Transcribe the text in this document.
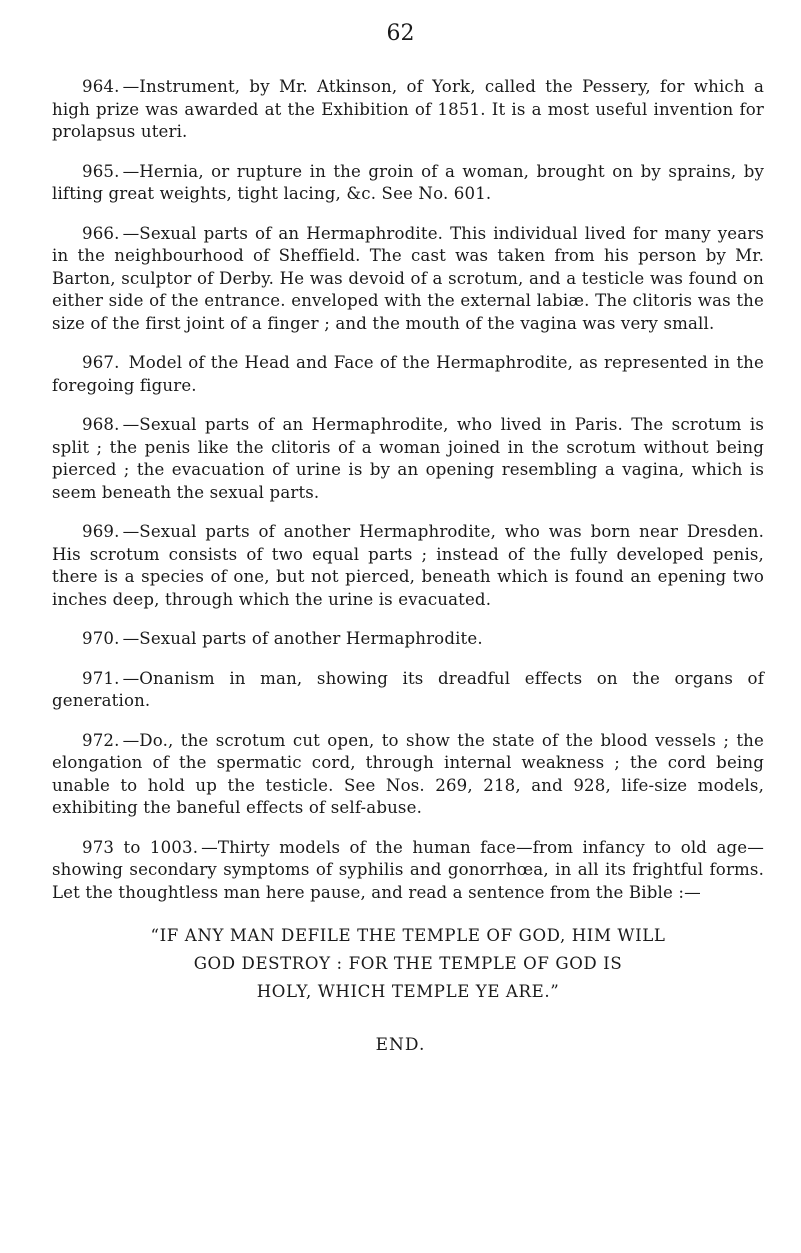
62

964. —Instrument, by Mr. Atkinson, of York, called the Pessery, for which a high prize was awarded at the Exhibition of 1851. It is a most useful invention for prolapsus uteri.

965. —Hernia, or rupture in the groin of a woman, brought on by sprains, by lifting great weights, tight lacing, &c. See No. 601.

966. —Sexual parts of an Hermaphrodite. This individual lived for many years in the neighbourhood of Sheffield. The cast was taken from his person by Mr. Barton, sculptor of Derby. He was devoid of a scrotum, and a testicle was found on either side of the entrance. enveloped with the external labiæ. The clitoris was the size of the first joint of a finger ; and the mouth of the vagina was very small.

967. Model of the Head and Face of the Hermaphrodite, as represented in the foregoing figure.

968. —Sexual parts of an Hermaphrodite, who lived in Paris. The scrotum is split ; the penis like the clitoris of a woman joined in the scrotum without being pierced ; the evacuation of urine is by an opening resembling a vagina, which is seem beneath the sexual parts.

969. —Sexual parts of another Hermaphrodite, who was born near Dresden. His scrotum consists of two equal parts ; instead of the fully developed penis, there is a species of one, but not pierced, beneath which is found an epening two inches deep, through which the urine is evacuated.

970. —Sexual parts of another Hermaphrodite.

971. —Onanism in man, showing its dreadful effects on the organs of generation.

972. —Do., the scrotum cut open, to show the state of the blood vessels ; the elongation of the spermatic cord, through internal weakness ; the cord being unable to hold up the testicle. See Nos. 269, 218, and 928, life-size models, exhibiting the baneful effects of self-abuse.

973 to 1003. —Thirty models of the human face—from infancy to old age—showing secondary symptoms of syphilis and gonorrhœa, in all its frightful forms. Let the thoughtless man here pause, and read a sentence from the Bible :—

“IF ANY MAN DEFILE THE TEMPLE OF GOD, HIM WILL
GOD DESTROY : FOR THE TEMPLE OF GOD IS
HOLY, WHICH TEMPLE YE ARE.”
END.
